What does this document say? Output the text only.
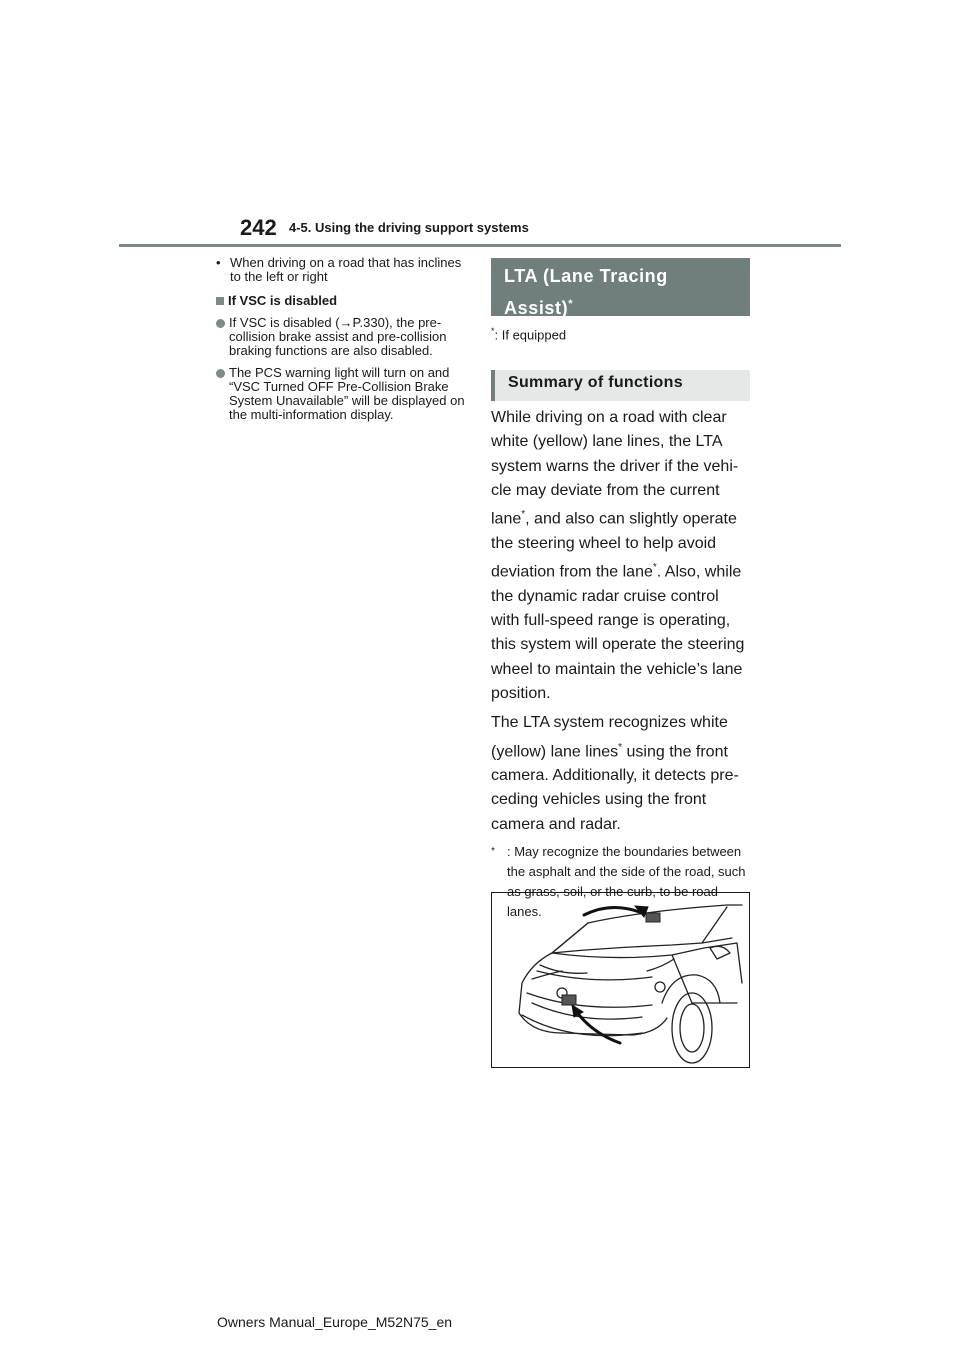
242 4-5. Using the driving support systems
• When driving on a road that has inclines to the left or right
If VSC is disabled
If VSC is disabled (→P.330), the pre-collision brake assist and pre-collision braking functions are also disabled.
The PCS warning light will turn on and “VSC Turned OFF Pre-Collision Brake System Unavailable” will be displayed on the multi-information display.
LTA (Lane Tracing Assist)*
*: If equipped
Summary of functions

While driving on a road with clear white (yellow) lane lines, the LTA system warns the driver if the vehi-cle may deviate from the current lane*, and also can slightly operate the steering wheel to help avoid deviation from the lane*. Also, while the dynamic radar cruise control with full-speed range is operating, this system will operate the steering wheel to maintain the vehicle’s lane position.

The LTA system recognizes white (yellow) lane lines* using the front camera. Additionally, it detects pre-ceding vehicles using the front camera and radar.

* : May recognize the boundaries between the asphalt and the side of the road, such as grass, soil, or the curb, to be road lanes.
Owners Manual_Europe_M52N75_en
